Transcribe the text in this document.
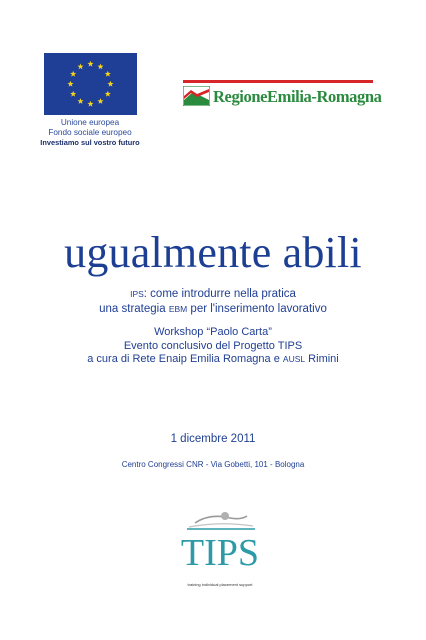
Unione europea
Fondo sociale europeo
Investiamo sul vostro futuro
RegioneEmilia-Romagna
ugualmente abili
IPS: come introdurre nella pratica
una strategia EBM per l'inserimento lavorativo
Workshop “Paolo Carta”
Evento conclusivo del Progetto TIPS
a cura di Rete Enaip Emilia Romagna e AUSL Rimini
1 dicembre 2011
Centro Congressi CNR - Via Gobetti, 101 - Bologna
TIPS
training individual placement support
